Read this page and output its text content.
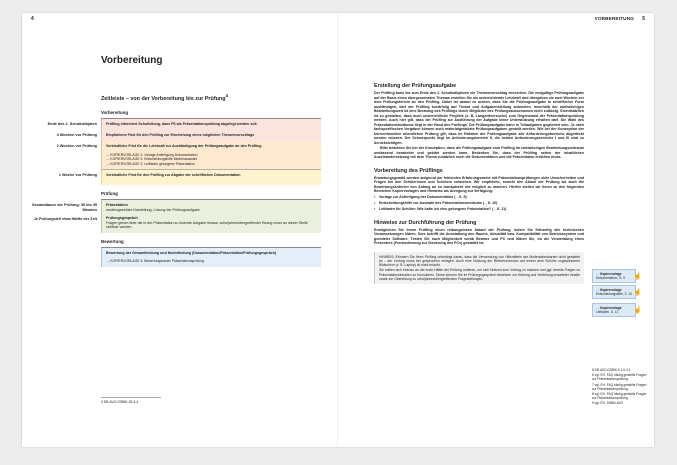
4
Vorbereitung
Zeitleiste – von der Vorbereitung bis zur Prüfung$^4$
Vorbereitung
Ende des 2. Schulhalbjahrs	Prüfling informiert Schulleitung, dass FS als Präsentationsprüfung abgelegt werden soll.
3 Wochen vor Prüfung	Empfohlene Frist für den Prüfling zur Einreichung eines möglichen Themenvorschlags
2 Wochen vor Prüfung	Verbindliche Frist für die Lehrkraft zur Aushändigung der Prüfungsaufgabe an den Prüfling
→ KOPIERVORLAGE 1: Vorlage Anfertigung Dokumentation
→ KOPIERVORLAGE 2: Entscheidungshilfe Medienauswahl
→ KOPIERVORLAGE 3: Leitfaden gelungene Präsentation
1 Woche vor Prüfung	Verbindliche Frist für den Prüfling zur Abgabe der schriftlichen Dokumentation
Prüfung
Gesamtdauer der Prüfung: 30 bis 45 Minuten

Je Prüfungsteil etwa Hälfte der Zeit
Präsentation
mediengestützte Darstellung, Lösung der Prüfungsaufgabe
Prüfungsgespräch
Fragen gehen über die in der Präsentation zu lösende Aufgabe hinaus, schuljahresübergreifender Bezug muss an dieser Stelle sichtbar werden.
Bewertung
Bewertung der Gesamtleistung und Notenfindung (Dokumentation/Präsentation/Prüfungsgespräch)
→ KOPIERVORLAGE 4: Bewertungsraster Präsentationsprüfung
4 EB-AVO-DSBIK 63.3.4.
VORBEREITUNG 5
Erstellung der Prüfungsaufgabe

Der Prüfling kann bis zum Ende des 2. Schulhalbjahres ein Themenvorschlag einreichen. Die endgültige Prüfungsaufgabe auf der Basis eines übergeordneten Themas erstellen Sie als unterrichtende Lehrkraft und übergeben sie zwei Wochen vor dem Prüfungstermin an den Prüfling. Dabei ist darauf zu achten, dass Sie die Prüfungsaufgabe in schriftlicher Form aushändigen, darf der Prüfling kurzfristig auf Thema und Aufgabenstellung antworten. Innerhalb der zweiwöchigen Bearbeitungszeit ist eine Beratung des Prüflings durch Mitglieder des Prüfungsausschusses nicht zulässig. Grundsätzlich ist zu gestatten, dass auch unterrichtliche Projekte (z. B. Langzeitversuche) zum Gegenstand der Präsentationsprüfung werden. Auch hier gilt, dass der Prüfling zur Ausführung der Aufgabe keine Unterstützung erhalten darf. Die Wahl des Präsentationsmediums liegt in der Hand des Prüflings. Die Prüfungsaufgabe kann in Teilaufgaben gegliedert sein. Je nach fachspezifischen Vorgaben können auch materialgestützte Prüfungsaufgaben gestellt werden. Wie bei der Konzeption der konventionellen mündlichen Prüfung gilt, dass im Rahmen der Prüfungsaufgabe alle Anforderungsbereiche abgedeckt werden müssen. Der Schwerpunkt liegt im Anforderungsbereich II, die beiden Anforderungsbereiche I und III sind zu berücksichtigen.

Bitte beachten Sie bei der Konzeption, dass die Prüfungsaufgabe vom Prüfling im zweiwöchigen Bearbeitungszeitraum umfassend bearbeitet und geklärt werden kann. Bedenken Sie, dass der Prüfling neben der inhaltlichen Auseinandersetzung mit dem Thema zusätzlich noch die Dokumentation und die Präsentation erstellen muss.

Vorbereitung des Prüflings

Erwartungsgemäß werden aufgrund der fehlenden Erfahrungswerte mit Präsentationsprüfungen viele Unsicherheiten und Fragen bei den Schülerinnen und Schülern entstehen. Wir empfehlen, sowohl den Ablauf der Prüfung als auch die Bewertungskriterien von Anfang an so transparent wie möglich zu machen. Hierfür stellen wir Ihnen zu den folgenden Bereichen Kopiervorlagen und Hinweise als Anregung zur Verfügung:

• Vorlage zur Anfertigung der Dokumentation (→S. 9)
• Entscheidungshilfe zur Auswahl des Präsentationsmediums (→S. 10)
• Leitfaden für Schüler: Wie halte ich eine gelungene Präsentation? (→S. 11)
Hinweise zur Durchführung der Prüfung

Ermöglichen Sie Ihrem Prüfling einen reibungslosen Ablauf der Prüfung, indem Sie frühzeitig alle technischen Voraussetzungen klären. Dies betrifft die Ausstattung des Raums, Aktualität bzw. Kompatibilität von Betriebssystem und genutzter Software. Testen Sie nach Möglichkeit vorab Beamer und PC und klären Sie, ob die Verwendung eines Presenters (Fernbedienung zur Steuerung des PCs) gestattet ist.

HINWEIS: Erinnern Sie Ihren Prüfling unbedingt daran, dass die Verwendung von Hilfsmitteln wie Moderationskarten nicht gestattet ist – der Vortrag muss frei gesprochen erfolgen. Auch eine Nutzung der Referenzversion auf einem dem Schüler zugewiesenen Bildschirm (z. B. Laptop) ist nicht erlaubt.

Sie sollten sich ebenso an die erste Hälfte der Prüfung notieren, um sich Notizen zum Vortrag zu machen und ggf. bereits Fragen zu Präsentationsinhalten zu formulieren. Diese können Sie im Prüfungsgespräch einsetzen zur Klärung und Vertiefung erwarteter Inhalte sowie zur Überleitung zu schuljahresübergreifenden Fragestellungen.

→ Kopiervorlage
Dokumentation, S. 9 ☝
→ Kopiervorlage
Entscheidungshilfe, S. 10 ☝
→ Kopiervorlage
Leitfaden, S. 11 ☝
5 EB-AVO-DSBIK 6.1.6.4.1.
6 vgl. EH, FAQ häufig gestellte Fragen zur Präsentationsprüfung.
7 vgl. EH, FAQ häufig gestellte Fragen zur Präsentationsprüfung.
8 vgl. EH, FAQ häufig gestellte Fragen zur Präsentationsprüfung.
9 vgl. EH, DSBIk AVO.
